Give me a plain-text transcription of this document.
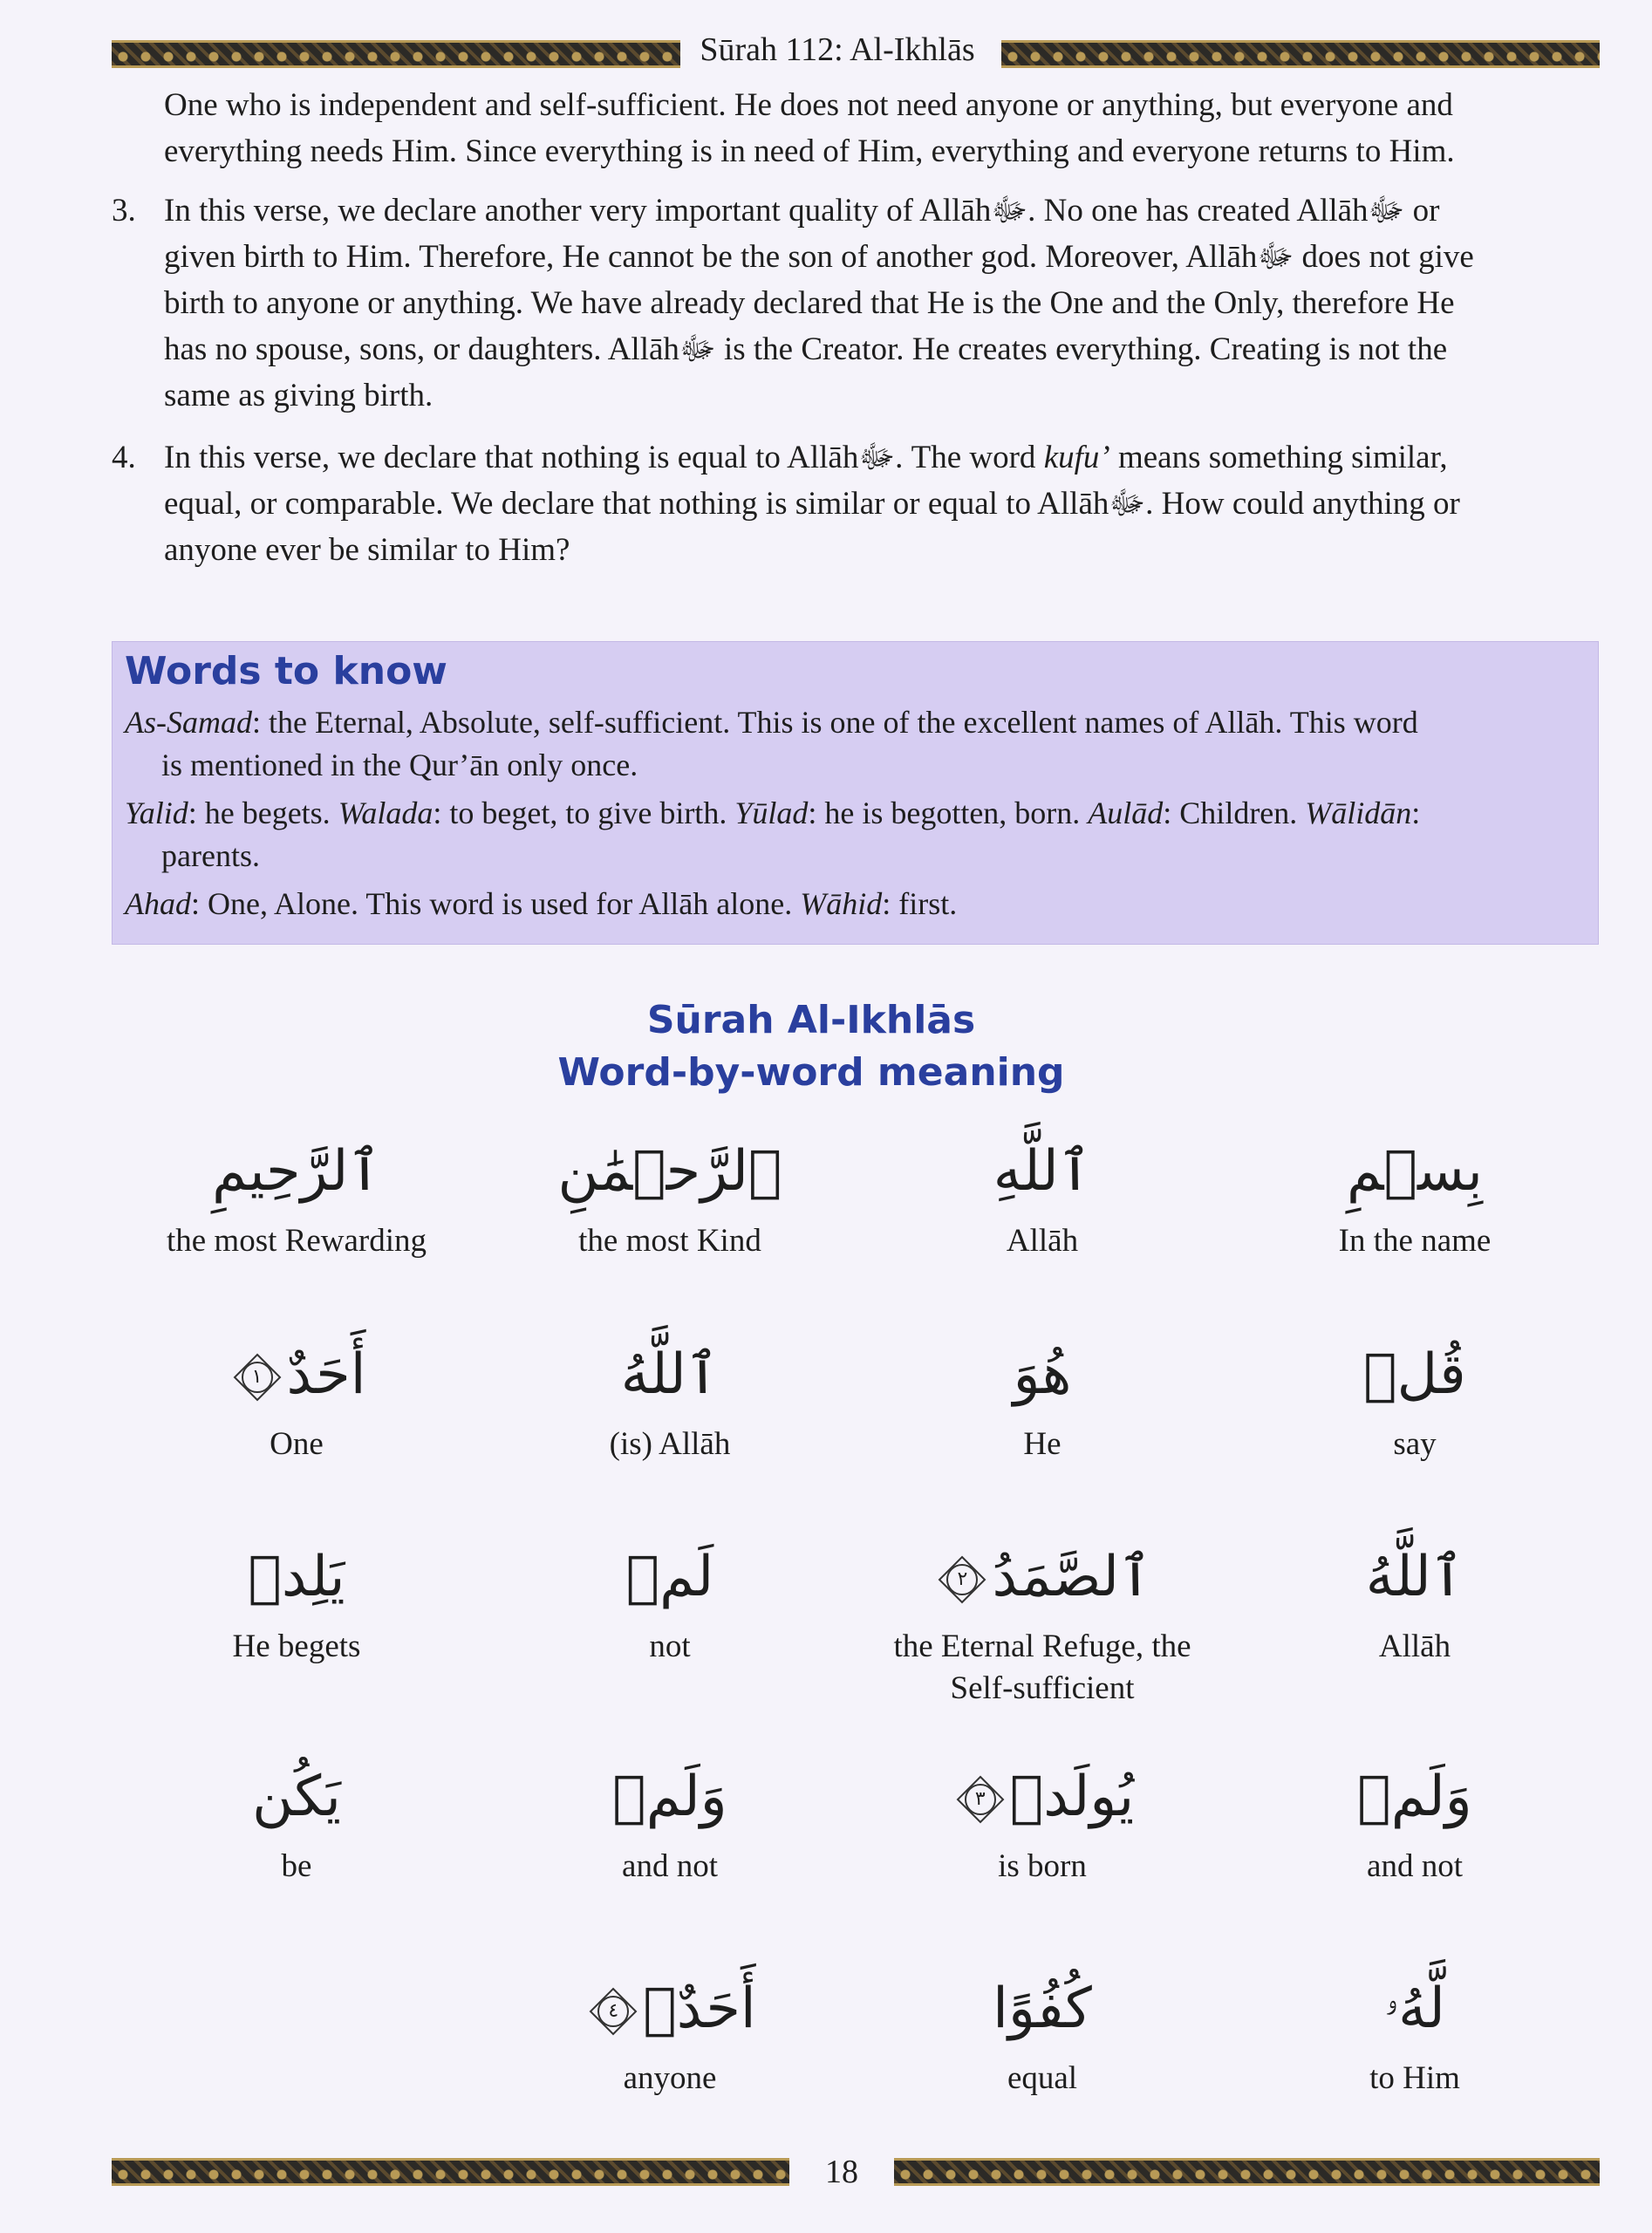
Sūrah 112: Al-Ikhlās

One who is independent and self-sufficient. He does not need anyone or anything, but everyone and

everything needs Him. Since everything is in need of Him, everything and everyone returns to Him.

3. In this verse, we declare another very important quality of Allāhﷻ. No one has created Allāhﷻ or

given birth to Him. Therefore, He cannot be the son of another god. Moreover, Allāhﷻ does not give

birth to anyone or anything. We have already declared that He is the One and the Only, therefore He

has no spouse, sons, or daughters. Allāhﷻ is the Creator. He creates everything. Creating is not the

same as giving birth.

4. In this verse, we declare that nothing is equal to Allāhﷻ. The word kufu’ means something similar,

equal, or comparable. We declare that nothing is similar or equal to Allāhﷻ. How could anything or

anyone ever be similar to Him?

Words to know
As-Samad: the Eternal, Absolute, self-sufficient. This is one of the excellent names of Allāh. This word
is mentioned in the Qur’ān only once.
Yalid: he begets. Walada: to beget, to give birth. Yūlad: he is begotten, born. Aulād: Children. Wālidān:
parents.
Ahad: One, Alone. This word is used for Allāh alone. Wāhid: first.
Sūrah Al-Ikhlās
Word-by-word meaning
بِسۡمِ
In the name
ٱللَّهِ
Allāh
ٱلرَّحۡمَٰنِ
the most Kind
ٱلرَّحِيمِ
the most Rewarding
قُلۡ
say
هُوَ
He
ٱللَّهُ
(is) Allāh
أَحَدٌ
١
One
ٱللَّهُ
Allāh
ٱلصَّمَدُ
٢
the Eternal Refuge, the
Self-sufficient
لَمۡ
not
يَلِدۡ
He begets
وَلَمۡ
and not
يُولَدۡ
٣
is born
وَلَمۡ
and not
يَكُن
be
لَّهُۥ
to Him
كُفُوًا
equal
أَحَدٌۢ
٤
anyone
18
